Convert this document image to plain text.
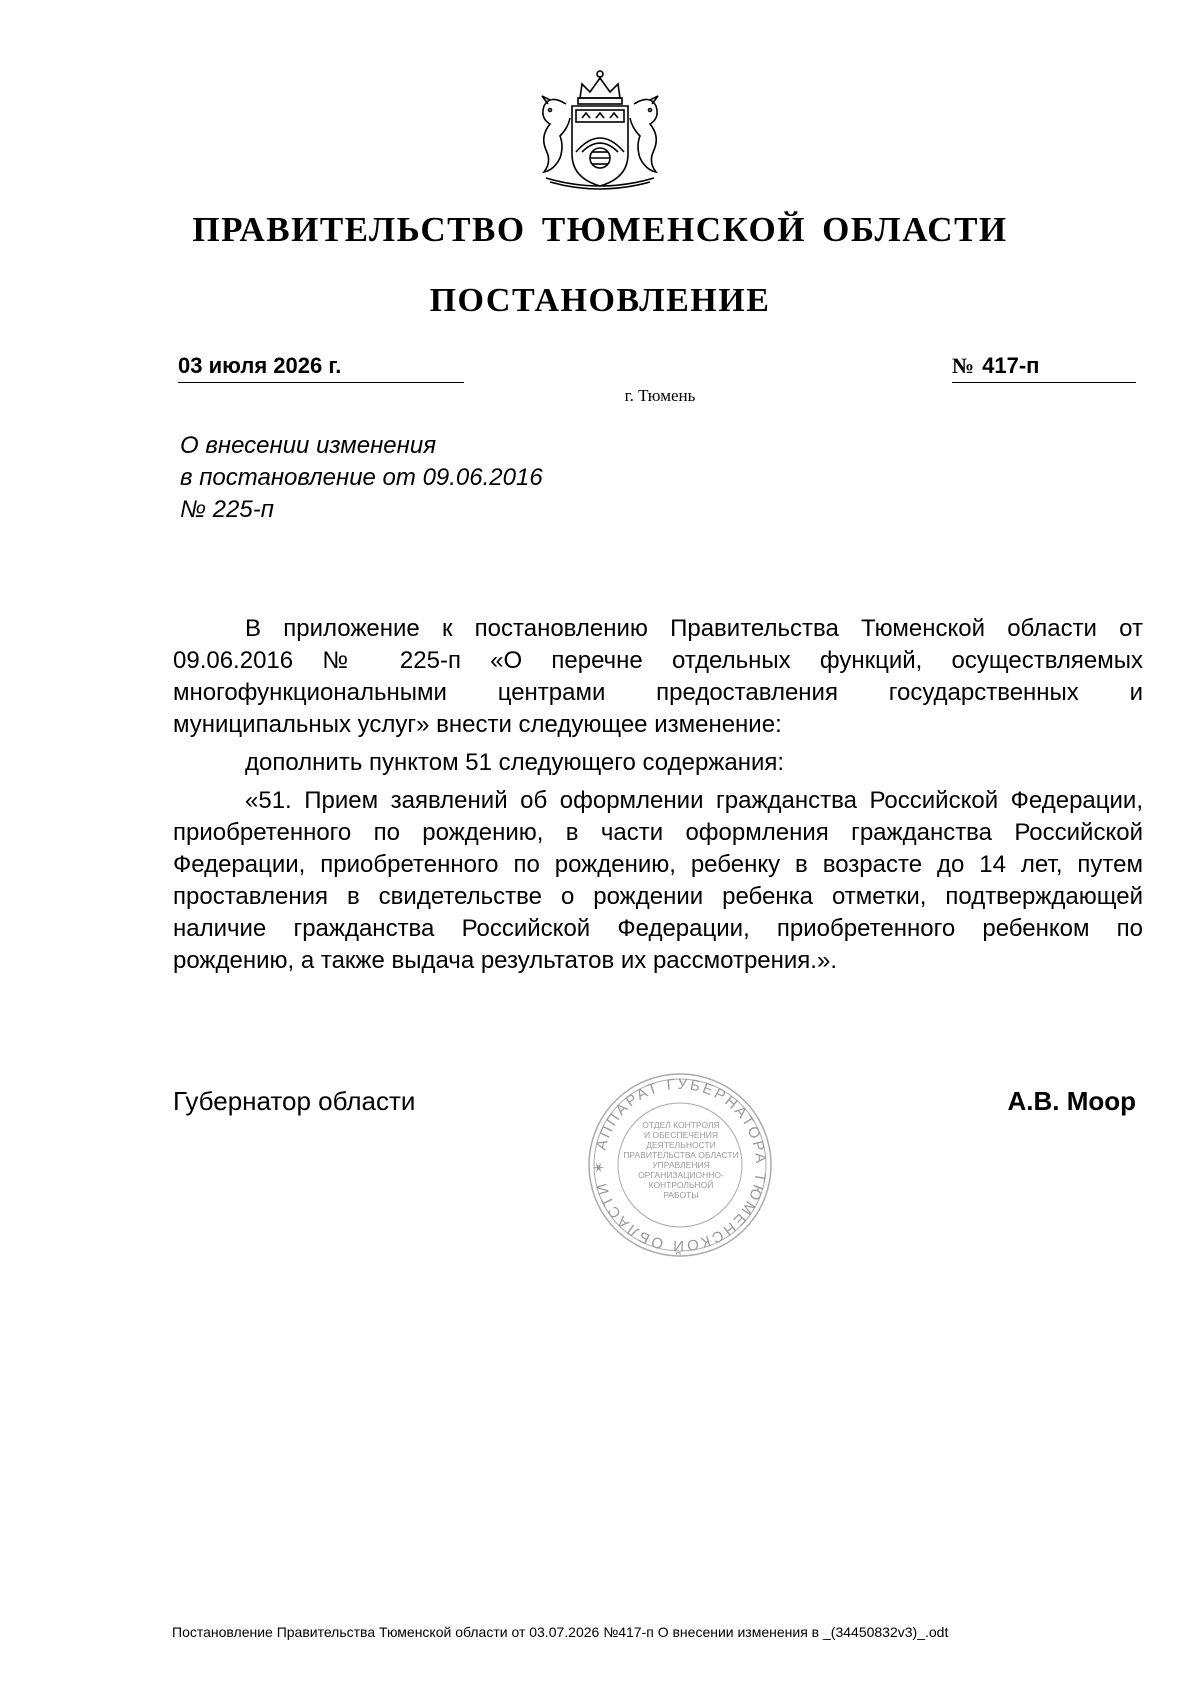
ПРАВИТЕЛЬСТВО ТЮМЕНСКОЙ ОБЛАСТИ
ПОСТАНОВЛЕНИЕ
03 июля 2026 г.	№ 417-п
г. Тюмень
О внесении изменения
в постановление от 09.06.2016
№ 225-п

В приложение к постановлению Правительства Тюменской области от 09.06.2016 № 225-п «О перечне отдельных функций, осуществляемых многофункциональными центрами предоставления государственных и муниципальных услуг» внести следующее изменение:

дополнить пунктом 51 следующего содержания:

«51. Прием заявлений об оформлении гражданства Российской Федерации, приобретенного по рождению, в части оформления гражданства Российской Федерации, приобретенного по рождению, ребенку в возрасте до 14 лет, путем проставления в свидетельстве о рождении ребенка отметки, подтверждающей наличие гражданства Российской Федерации, приобретенного ребенком по рождению, а также выдача результатов их рассмотрения.».

Губернатор области
АППАРАТ ГУБЕРНАТОРА ТЮМЕНСКОЙ ОБЛАСТИ ✶
ОТДЕЛ КОНТРОЛЯ
И ОБЕСПЕЧЕНИЯ
ДЕЯТЕЛЬНОСТИ
ПРАВИТЕЛЬСТВА ОБЛАСТИ
УПРАВЛЕНИЯ
ОРГАНИЗАЦИОННО-
КОНТРОЛЬНОЙ
РАБОТЫ
А.В. Моор
Постановление Правительства Тюменской области от 03.07.2026 №417-п О внесении изменения в _(34450832v3)_.odt
